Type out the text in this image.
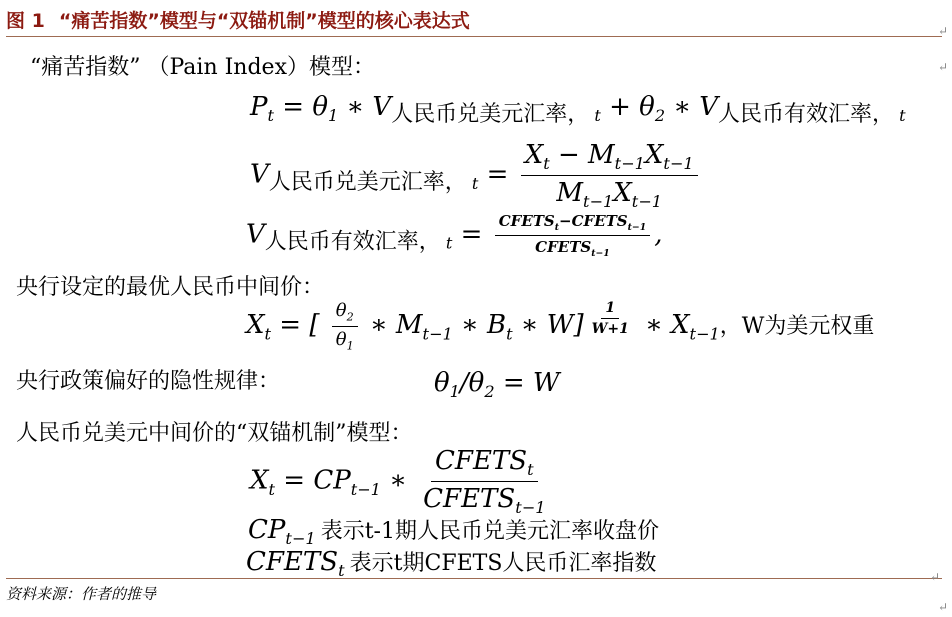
图 1 “痛苦指数”模型与“双锚机制”模型的核心表达式
“痛苦指数” （Pain Index）模型：
$P_t = \theta_1$ ∗ $V_{人民币兑美元汇率,}$ $_t + \theta_2$ ∗ $V_{人民币有效汇率,}$ $_t$
$V_{人民币兑美元汇率,}$ $_t = \frac{X_t - M_{t-1}X_{t-1}}{M_{t-1}X_{t-1}}$
$V_{人民币有效汇率,}$ $_t = \frac{CFETS_t-CFETS_{t-1}}{CFETS_{t-1}}$ ,
央行设定的最优人民币中间价：
$X_t$ = [ $\frac{\theta_2}{\theta_1}$ ∗ $M_{t-1}$ ∗ $B_t$ ∗ W] $^{\frac{1}{W+1}}$ ∗ $X_{t-1}$，W为美元权重
央行政策偏好的隐性规律：	$\theta_1/\theta_2 = W$
人民币兑美元中间价的“双锚机制”模型：
$X_t = CP_{t-1}$ ∗ $\frac{CFETS_t}{CFETS_{t-1}}$
$CP_{t-1}$ 表示t-1期人民币兑美元汇率收盘价
$CFETS_t$ 表示t期CFETS人民币汇率指数
资料来源：作者的推导
↵
↵
↵
↵
